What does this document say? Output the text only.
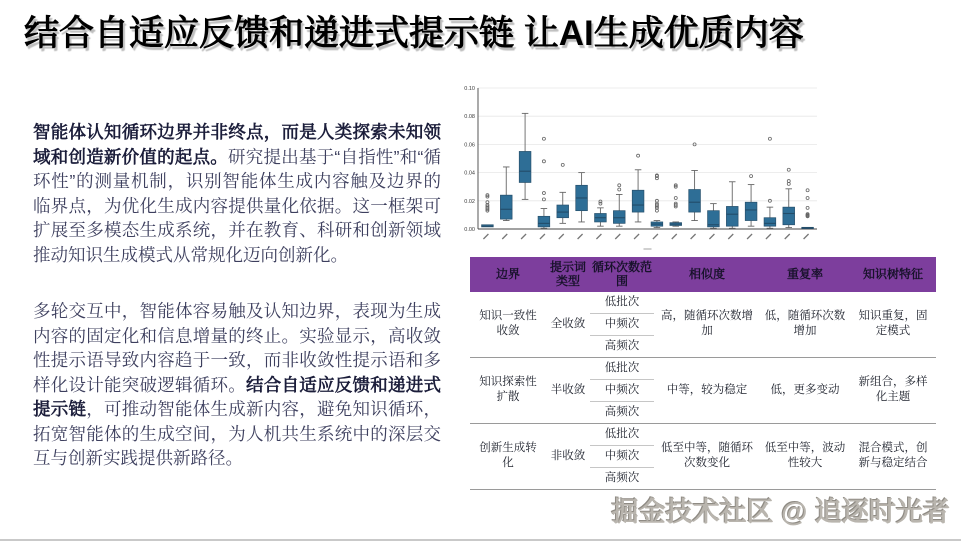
结合自适应反馈和递进式提示链 让AI生成优质内容

智能体认知循环边界并非终点，而是人类探索未知领域和创造新价值的起点。研究提出基于“自指性”和“循环性”的测量机制，识别智能体生成内容触及边界的临界点，为优化生成内容提供量化依据。这一框架可扩展至多模态生成系统，并在教育、科研和创新领域推动知识生成模式从常规化迈向创新化。

多轮交互中，智能体容易触及认知边界，表现为生成内容的固定化和信息增量的终止。实验显示，高收敛性提示语导致内容趋于一致，而非收敛性提示语和多样化设计能突破逻辑循环。结合自适应反馈和递进式提示链，可推动智能体生成新内容，避免知识循环，拓宽智能体的生成空间，为人机共生系统中的深层交互与创新实践提供新路径。

0.00
0.02
0.04
0.06
0.08
0.10
边界	提示词类型	循环次数范围	相似度	重复率	知识树特征
知识一致性收敛	全收敛	低批次	高，随循环次数增加	低，随循环次数增加	知识重复，固定模式
		中频次			
		高频次			
知识探索性扩散	半收敛	低批次	中等，较为稳定	低，更多变动	新组合，多样化主题
		中频次			
		高频次			
创新生成转化	非收敛	低批次	低至中等，随循环次数变化	低至中等，波动性较大	混合模式，创新与稳定结合
		中频次			
		高频次			
掘金技术社区 @ 追逐时光者
